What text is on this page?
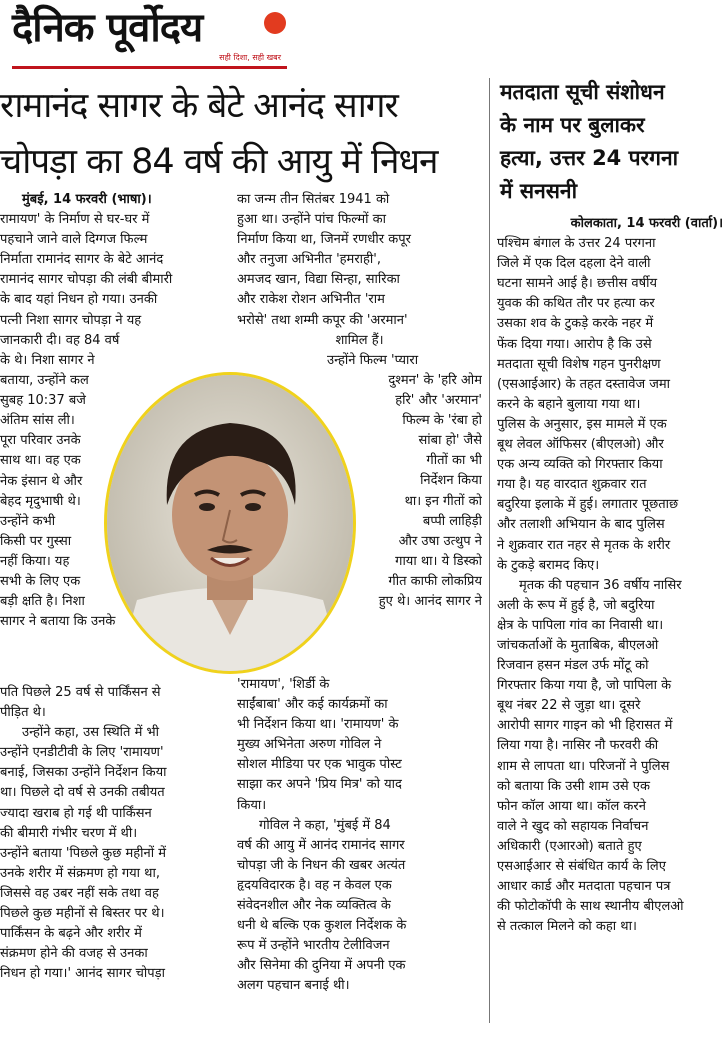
दैनिक पूर्वोदय
सही दिशा, सही खबर
रामानंद सागर के बेटे आनंद सागर
चोपड़ा का 84 वर्ष की आयु में निधन
मतदाता सूची संशोधन
के नाम पर बुलाकर
हत्या, उत्तर 24 परगना
में सनसनी
मुंबई, 14 फरवरी (भाषा)।
रामायण' के निर्माण से घर-घर में
पहचाने जाने वाले दिग्गज फिल्म
निर्माता रामानंद सागर के बेटे आनंद
रामानंद सागर चोपड़ा की लंबी बीमारी
के बाद यहां निधन हो गया। उनकी
पत्नी निशा सागर चोपड़ा ने यह
जानकारी दी। वह 84 वर्ष
के थे। निशा सागर ने
बताया, उन्होंने कल
सुबह 10:37 बजे
अंतिम सांस ली।
पूरा परिवार उनके
साथ था। वह एक
नेक इंसान थे और
बेहद मृदुभाषी थे।
उन्होंने कभी
किसी पर गुस्सा
नहीं किया। यह
सभी के लिए एक
बड़ी क्षति है। निशा
सागर ने बताया कि उनके
पति पिछले 25 वर्ष से पार्किंसन से
पीड़ित थे।
उन्होंने कहा, उस स्थिति में भी
उन्होंने एनडीटीवी के लिए 'रामायण'
बनाई, जिसका उन्होंने निर्देशन किया
था। पिछले दो वर्ष से उनकी तबीयत
ज्यादा खराब हो गई थी पार्किंसन
की बीमारी गंभीर चरण में थी।
उन्होंने बताया 'पिछले कुछ महीनों में
उनके शरीर में संक्रमण हो गया था,
जिससे वह उबर नहीं सके तथा वह
पिछले कुछ महीनों से बिस्तर पर थे।
पार्किंसन के बढ़ने और शरीर में
संक्रमण होने की वजह से उनका
निधन हो गया।' आनंद सागर चोपड़ा
का जन्म तीन सितंबर 1941 को
हुआ था। उन्होंने पांच फिल्मों का
निर्माण किया था, जिनमें रणधीर कपूर
और तनुजा अभिनीत 'हमराही',
अमजद खान, विद्या सिन्हा, सारिका
और राकेश रोशन अभिनीत 'राम
भरोसे' तथा शम्मी कपूर की 'अरमान'
शामिल हैं।
उन्होंने फिल्म 'प्यारा
दुश्मन' के 'हरि ओम
हरि' और 'अरमान'
फिल्म के 'रंबा हो
सांबा हो' जैसे
गीतों का भी
निर्देशन किया
था। इन गीतों को
बप्पी लाहिड़ी
और उषा उत्थुप ने
गाया था। ये डिस्को
गीत काफी लोकप्रिय
हुए थे। आनंद सागर ने
'रामायण', 'शिर्डी के
साईंबाबा' और कई कार्यक्रमों का
भी निर्देशन किया था। 'रामायण' के
मुख्य अभिनेता अरुण गोविल ने
सोशल मीडिया पर एक भावुक पोस्ट
साझा कर अपने 'प्रिय मित्र' को याद
किया।
गोविल ने कहा, 'मुंबई में 84
वर्ष की आयु में आनंद रामानंद सागर
चोपड़ा जी के निधन की खबर अत्यंत
हृदयविदारक है। वह न केवल एक
संवेदनशील और नेक व्यक्तित्व के
धनी थे बल्कि एक कुशल निर्देशक के
रूप में उन्होंने भारतीय टेलीविजन
और सिनेमा की दुनिया में अपनी एक
अलग पहचान बनाई थी।

कोलकाता, 14 फरवरी (वार्ता)।

पश्चिम बंगाल के उत्तर 24 परगना
जिले में एक दिल दहला देने वाली
घटना सामने आई है। छत्तीस वर्षीय
युवक की कथित तौर पर हत्या कर
उसका शव के टुकड़े करके नहर में
फेंक दिया गया। आरोप है कि उसे
मतदाता सूची विशेष गहन पुनरीक्षण
(एसआईआर) के तहत दस्तावेज जमा
करने के बहाने बुलाया गया था।
पुलिस के अनुसार, इस मामले में एक
बूथ लेवल ऑफिसर (बीएलओ) और
एक अन्य व्यक्ति को गिरफ्तार किया
गया है। यह वारदात शुक्रवार रात
बदुरिया इलाके में हुई। लगातार पूछताछ
और तलाशी अभियान के बाद पुलिस
ने शुक्रवार रात नहर से मृतक के शरीर
के टुकड़े बरामद किए।
मृतक की पहचान 36 वर्षीय नासिर
अली के रूप में हुई है, जो बदुरिया
क्षेत्र के पापिला गांव का निवासी था।
जांचकर्ताओं के मुताबिक, बीएलओ
रिजवान हसन मंडल उर्फ मोंटू को
गिरफ्तार किया गया है, जो पापिला के
बूथ नंबर 22 से जुड़ा था। दूसरे
आरोपी सागर गाइन को भी हिरासत में
लिया गया है। नासिर नौ फरवरी की
शाम से लापता था। परिजनों ने पुलिस
को बताया कि उसी शाम उसे एक
फोन कॉल आया था। कॉल करने
वाले ने खुद को सहायक निर्वाचन
अधिकारी (एआरओ) बताते हुए
एसआईआर से संबंधित कार्य के लिए
आधार कार्ड और मतदाता पहचान पत्र
की फोटोकॉपी के साथ स्थानीय बीएलओ
से तत्काल मिलने को कहा था।
